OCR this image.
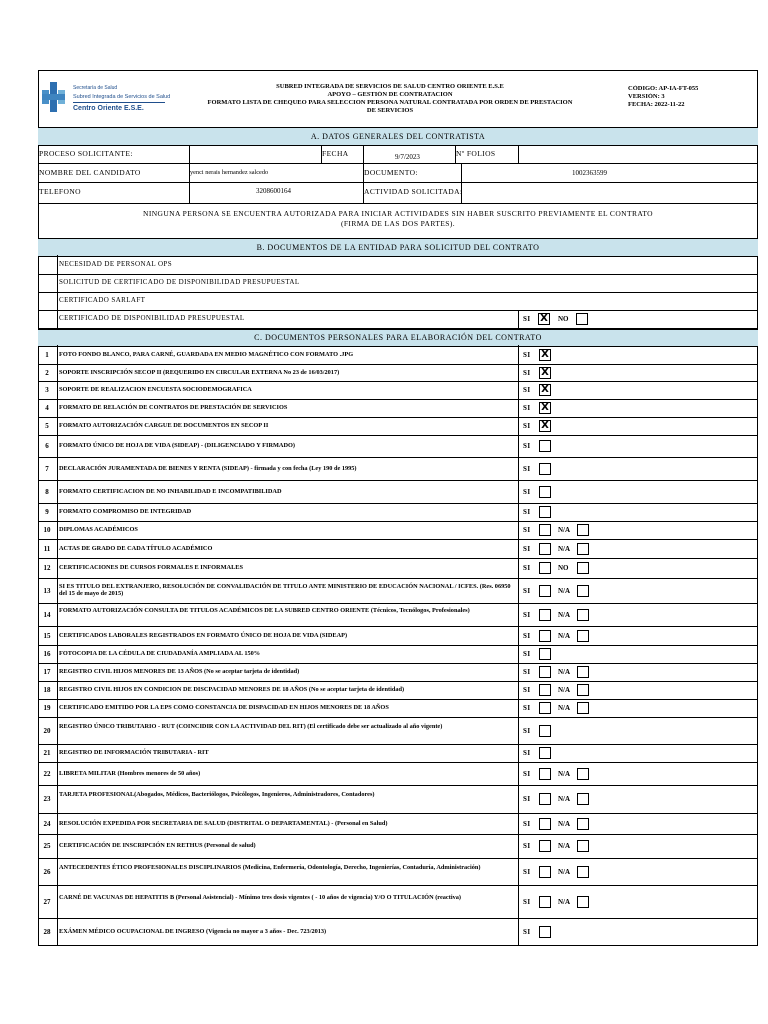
Secretaría de Salud
Subred Integrada de Servicios de Salud
Centro Oriente E.S.E.
SUBRED INTEGRADA DE SERVICIOS DE SALUD CENTRO ORIENTE E.S.E
APOYO – GESTIÓN DE CONTRATACION
FORMATO LISTA DE CHEQUEO PARA SELECCION PERSONA NATURAL CONTRATADA POR ORDEN DE PRESTACION
DE SERVICIOS
CÓDIGO: AP-IA-FT-055
VERSIÓN: 3
FECHA: 2022-11-22
A. DATOS GENERALES DEL CONTRATISTA
PROCESO SOLICITANTE:	FECHA	9/7/2023	Nº FOLIOS
NOMBRE DEL CANDIDATO	yenci nerais hernandez salcedo	DOCUMENTO:	1002363599
TELEFONO	3208600164	ACTIVIDAD SOLICITADA:
NINGUNA PERSONA SE ENCUENTRA AUTORIZADA PARA INICIAR ACTIVIDADES SIN HABER SUSCRITO PREVIAMENTE EL CONTRATO
(FIRMA DE LAS DOS PARTES).
B. DOCUMENTOS DE LA ENTIDAD PARA SOLICITUD DEL CONTRATO
C. DOCUMENTOS PERSONALES PARA ELABORACIÓN DEL CONTRATO
NECESIDAD DE PERSONAL OPS
SOLICITUD DE CERTIFICADO DE DISPONIBILIDAD PRESUPUESTAL
CERTIFICADO SARLAFT
CERTIFICADO DE DISPONIBILIDAD PRESUPUESTAL	SI X NO
1	FOTO FONDO BLANCO, PARA CARNÉ, GUARDADA EN MEDIO MAGNÉTICO CON FORMATO .JPG	SI X
2	SOPORTE INSCRIPCIÓN SECOP II (REQUERIDO EN CIRCULAR EXTERNA No 23 de 16/03/2017)	SI X
3	SOPORTE DE REALIZACION ENCUESTA SOCIODEMOGRAFICA	SI X
4	FORMATO DE RELACIÓN DE CONTRATOS DE PRESTACIÓN DE SERVICIOS	SI X
5	FORMATO AUTORIZACIÓN CARGUE DE DOCUMENTOS EN SECOP II	SI X
6	FORMATO ÚNICO DE HOJA DE VIDA (SIDEAP) - (DILIGENCIADO Y FIRMADO)	SI
7	DECLARACIÓN JURAMENTADA DE BIENES Y RENTA (SIDEAP) - firmada y con fecha (Ley 190 de 1995)	SI
8	FORMATO CERTIFICACION DE NO INHABILIDAD E INCOMPATIBILIDAD	SI
9	FORMATO COMPROMISO DE INTEGRIDAD	SI
10	DIPLOMAS ACADÉMICOS	SI	N/A
11	ACTAS DE GRADO DE CADA TÍTULO ACADÉMICO	SI	N/A
12	CERTIFICACIONES DE CURSOS FORMALES E INFORMALES	SI	NO
13
SI ES TITULO DEL EXTRANJERO, RESOLUCIÓN DE CONVALIDACIÓN DE TITULO ANTE MINISTERIO DE EDUCACIÓN NACIONAL / ICFES. (Res. 06950 del 15 de mayo de 2015)	SI	N/A
14
FORMATO AUTORIZACIÓN CONSULTA DE TITULOS ACADÉMICOS DE LA SUBRED CENTRO ORIENTE (Técnicos, Tecnólogos, Profesionales)
SI	N/A
15	CERTIFICADOS LABORALES REGISTRADOS EN FORMATO ÚNICO DE HOJA DE VIDA (SIDEAP)	SI	N/A
16	FOTOCOPIA DE LA CÉDULA DE CIUDADANÍA AMPLIADA AL 150%	SI
17	REGISTRO CIVIL HIJOS MENORES DE 13 AÑOS (No se aceptar tarjeta de identidad)	SI	N/A
18	REGISTRO CIVIL HIJOS EN CONDICION DE DISCPACIDAD MENORES DE 18 AÑOS (No se aceptar tarjeta de identidad)	SI	N/A
19	CERTIFICADO EMITIDO POR LA EPS COMO CONSTANCIA DE DISPACIDAD EN HIJOS MENORES DE 18 AÑOS	SI	N/A
20
REGISTRO ÚNICO TRIBUTARIO - RUT (COINCIDIR CON LA ACTIVIDAD DEL RIT) (El certificado debe ser actualizado al año vigente)
SI
21	REGISTRO DE INFORMACIÓN TRIBUTARIA - RIT	SI
22	LIBRETA MILITAR (Hombres menores de 50 años)	SI	N/A
23
TARJETA PROFESIONAL(Abogados, Médicos, Bacteriólogos, Psicólogos, Ingenieros, Administradores, Contadores)
SI	N/A
24	RESOLUCIÓN EXPEDIDA POR SECRETARIA DE SALUD (DISTRITAL O DEPARTAMENTAL) - (Personal en Salud)	SI	N/A
25	CERTIFICACIÓN DE INSCRIPCIÓN EN RETHUS (Personal de salud)	SI	N/A
26
ANTECEDENTES ÉTICO PROFESIONALES DISCIPLINARIOS (Medicina, Enfermería, Odontología, Derecho, Ingenierías, Contaduría, Administración)
SI	N/A
27
CARNÉ DE VACUNAS DE HEPATITIS B (Personal Asistencial) - Mínimo tres dosis vigentes ( - 10 años de vigencia) Y/O O TITULACIÓN (reactiva)
SI	N/A
28	EXÁMEN MÉDICO OCUPACIONAL DE INGRESO (Vigencia no mayor a 3 años - Dec. 723/2013)	SI
